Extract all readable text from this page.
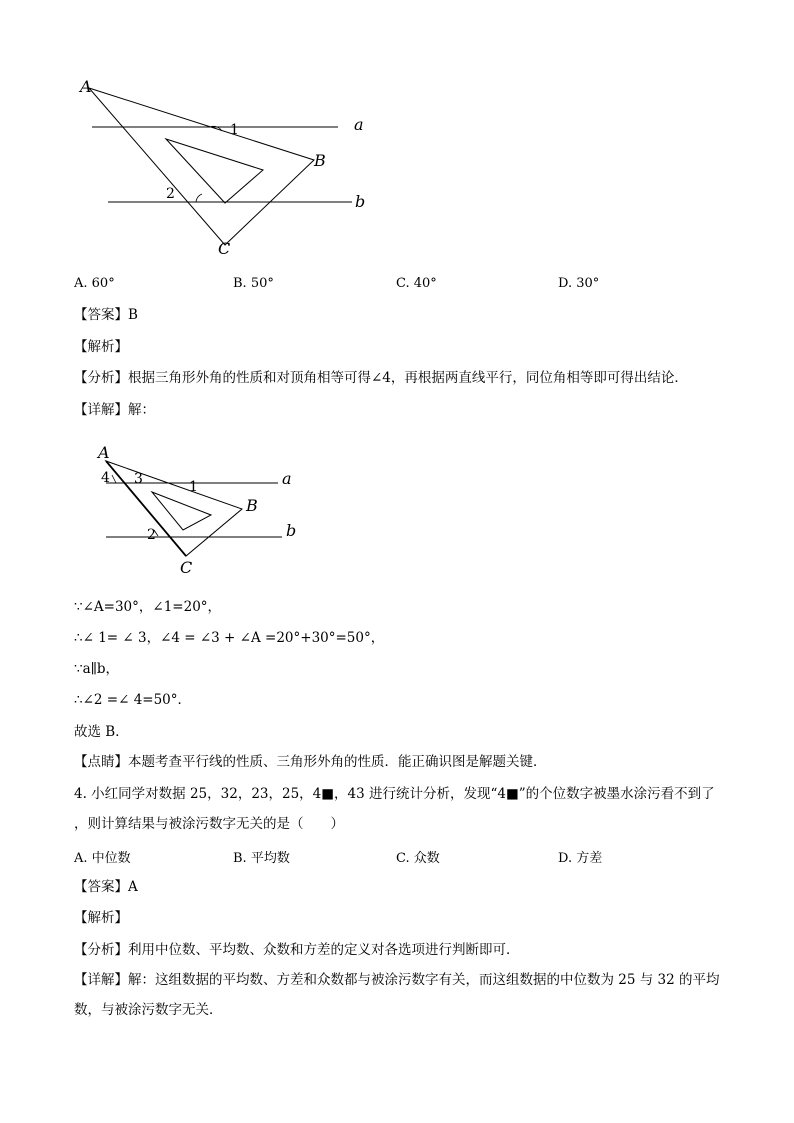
A
B
C
a
b
1
2
A. 60°	B. 50°	C. 40°	D. 30°
【答案】B
【解析】
【分析】根据三角形外角的性质和对顶角相等可得∠4，再根据两直线平行，同位角相等即可得出结论．
【详解】解：
A
B
C
a
b
1
2
3
4
∵∠A=30°，∠1=20°，
∴∠ 1= ∠ 3，∠4 = ∠3 + ∠A =20°+30°=50°，
∵a∥b，
∴∠2 =∠ 4=50°．
故选 B．
【点睛】本题考查平行线的性质、三角形外角的性质．能正确识图是解题关键．
4. 小红同学对数据 25，32，23，25，4■，43 进行统计分析，发现“4■”的个位数字被墨水涂污看不到了
，则计算结果与被涂污数字无关的是（　　）
A. 中位数	B. 平均数	C. 众数	D. 方差
【答案】A
【解析】
【分析】利用中位数、平均数、众数和方差的定义对各选项进行判断即可．
【详解】解：这组数据的平均数、方差和众数都与被涂污数字有关，而这组数据的中位数为 25 与 32 的平均数，与被涂污数字无关．
